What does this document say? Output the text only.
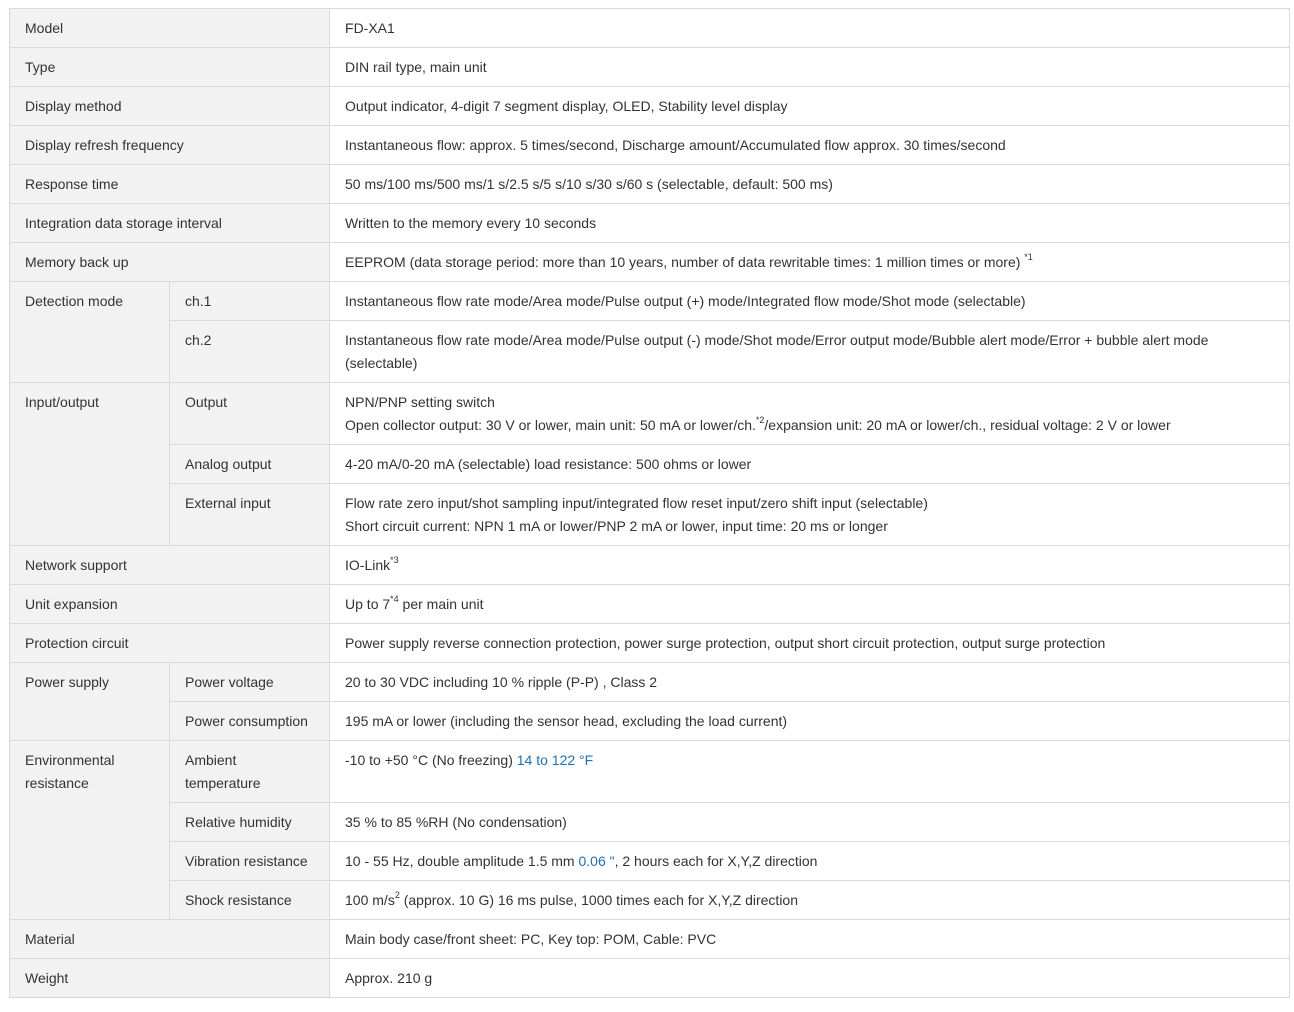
Model		FD-XA1
Type		DIN rail type, main unit
Display method		Output indicator, 4-digit 7 segment display, OLED, Stability level display
Display refresh frequency		Instantaneous flow: approx. 5 times/second, Discharge amount/Accumulated flow approx. 30 times/second
Response time		50 ms/100 ms/500 ms/1 s/2.5 s/5 s/10 s/30 s/60 s (selectable, default: 500 ms)
Integration data storage interval		Written to the memory every 10 seconds
Memory back up		EEPROM (data storage period: more than 10 years, number of data rewritable times: 1 million times or more) $^{*1}$
Detection mode	ch.1	Instantaneous flow rate mode/Area mode/Pulse output (+) mode/Integrated flow mode/Shot mode (selectable)
	ch.2	Instantaneous flow rate mode/Area mode/Pulse output (-) mode/Shot mode/Error output mode/Bubble alert mode/Error + bubble alert mode (selectable)
Input/output	Output	NPN/PNP setting switch
Open collector output: 30 V or lower, main unit: 50 mA or lower/ch.$^{*2}$/expansion unit: 20 mA or lower/ch., residual voltage: 2 V or lower

	Analog output	4-20 mA/0-20 mA (selectable) load resistance: 500 ohms or lower
	External input	Flow rate zero input/shot sampling input/integrated flow reset input/zero shift input (selectable)
Short circuit current: NPN 1 mA or lower/PNP 2 mA or lower, input time: 20 ms or longer

Network support		IO-Link$^{*3}$
Unit expansion		Up to 7$^{*4}$ per main unit
Protection circuit		Power supply reverse connection protection, power surge protection, output short circuit protection, output surge protection
Power supply	Power voltage	20 to 30 VDC including 10 % ripple (P-P) , Class 2
	Power consumption	195 mA or lower (including the sensor head, excluding the load current)
Environmental resistance	Ambient temperature	-10 to +50 °C (No freezing) 14 to 122 °F
	Relative humidity	35 % to 85 %RH (No condensation)
	Vibration resistance	10 - 55 Hz, double amplitude 1.5 mm 0.06 ", 2 hours each for X,Y,Z direction
	Shock resistance	100 $m/s^2$ (approx. 10 G) 16 ms pulse, 1000 times each for X,Y,Z direction
Material		Main body case/front sheet: PC, Key top: POM, Cable: PVC
Weight		Approx. 210 g
